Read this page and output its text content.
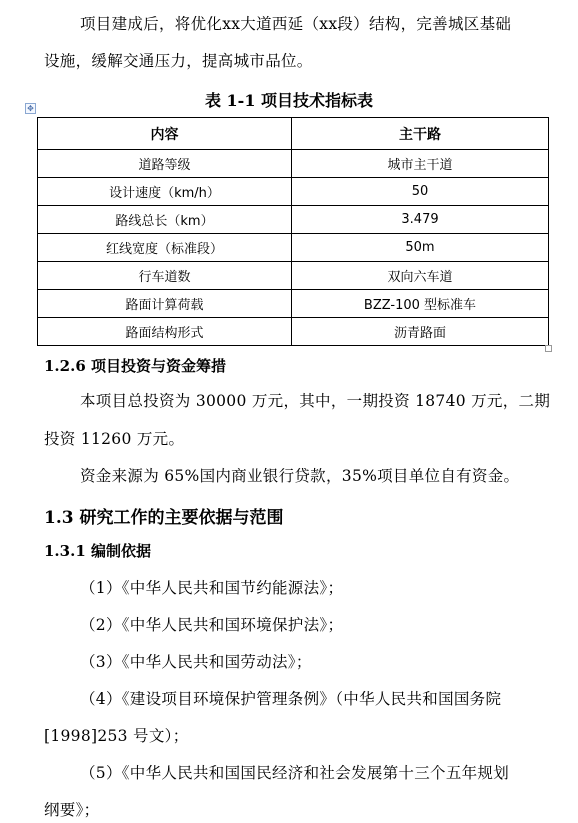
项目建成后，将优化xx大道西延（xx段）结构，完善城区基础
设施，缓解交通压力，提高城市品位。
表 1-1 项目技术指标表
✥
内容	主干路
道路等级	城市主干道
设计速度（km/h）	50
路线总长（km）	3.479
红线宽度（标准段）	50m
行车道数	双向六车道
路面计算荷载	BZZ-100 型标准车
路面结构形式	沥青路面
1.2.6 项目投资与资金筹措
本项目总投资为 30000 万元，其中，一期投资 18740 万元，二期
投资 11260 万元。
资金来源为 65%国内商业银行贷款，35%项目单位自有资金。
1.3 研究工作的主要依据与范围
1.3.1 编制依据
（1）《中华人民共和国节约能源法》；
（2）《中华人民共和国环境保护法》；
（3）《中华人民共和国劳动法》；
（4）《建设项目环境保护管理条例》（中华人民共和国国务院
[1998]253 号文）；
（5）《中华人民共和国国民经济和社会发展第十三个五年规划
纲要》；
